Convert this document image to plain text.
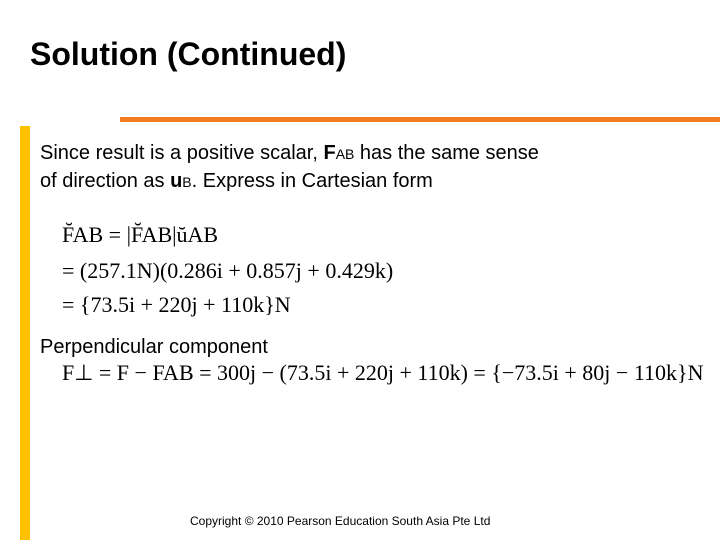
Solution (Continued)
Since result is a positive scalar, FAB has the same sense
of direction as uB. Express in Cartesian form
F̆AB = |F̆AB|ŭAB
= (257.1N)(0.286i + 0.857j + 0.429k)
= {73.5i + 220j + 110k}N
Perpendicular component
F⊥ = F − FAB = 300j − (73.5i + 220j + 110k) = {−73.5i + 80j − 110k}N
Copyright © 2010 Pearson Education South Asia Pte Ltd
